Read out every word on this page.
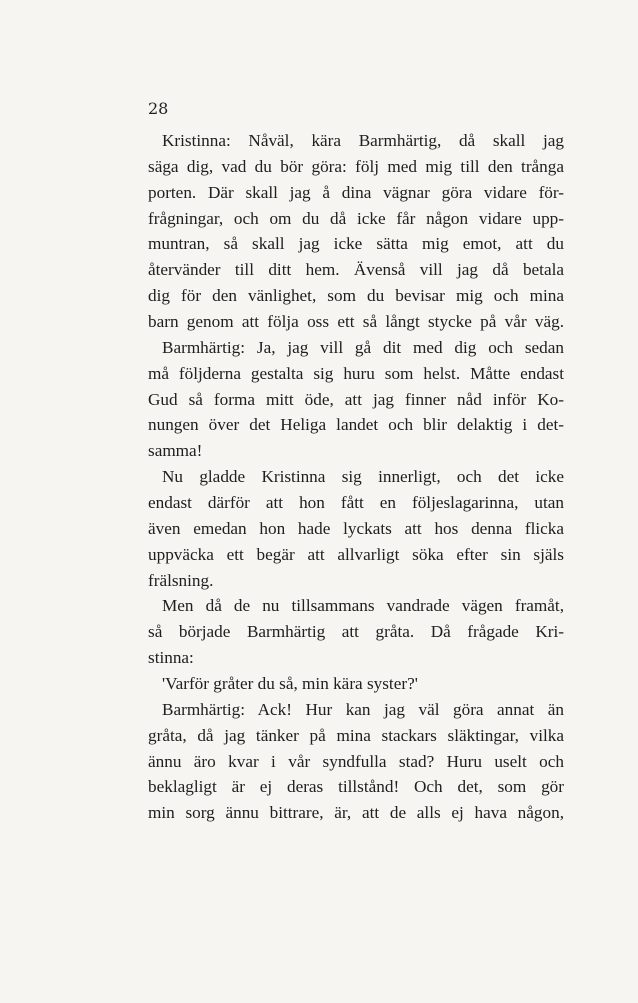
28
Kristinna: Nåväl, kära Barmhärtig, då skall jag
säga dig, vad du bör göra: följ med mig till den trånga
porten. Där skall jag å dina vägnar göra vidare för-
frågningar, och om du då icke får någon vidare upp-
muntran, så skall jag icke sätta mig emot, att du
återvänder till ditt hem. Ävenså vill jag då betala
dig för den vänlighet, som du bevisar mig och mina
barn genom att följa oss ett så långt stycke på vår väg.
Barmhärtig: Ja, jag vill gå dit med dig och sedan
må följderna gestalta sig huru som helst. Måtte endast
Gud så forma mitt öde, att jag finner nåd inför Ko-
nungen över det Heliga landet och blir delaktig i det-
samma!
Nu gladde Kristinna sig innerligt, och det icke
endast därför att hon fått en följeslagarinna, utan
även emedan hon hade lyckats att hos denna flicka
uppväcka ett begär att allvarligt söka efter sin själs
frälsning.
Men då de nu tillsammans vandrade vägen framåt,
så började Barmhärtig att gråta. Då frågade Kri-
stinna:
'Varför gråter du så, min kära syster?'
Barmhärtig: Ack! Hur kan jag väl göra annat än
gråta, då jag tänker på mina stackars släktingar, vilka
ännu äro kvar i vår syndfulla stad? Huru uselt och
beklagligt är ej deras tillstånd! Och det, som gör
min sorg ännu bittrare, är, att de alls ej hava någon,
